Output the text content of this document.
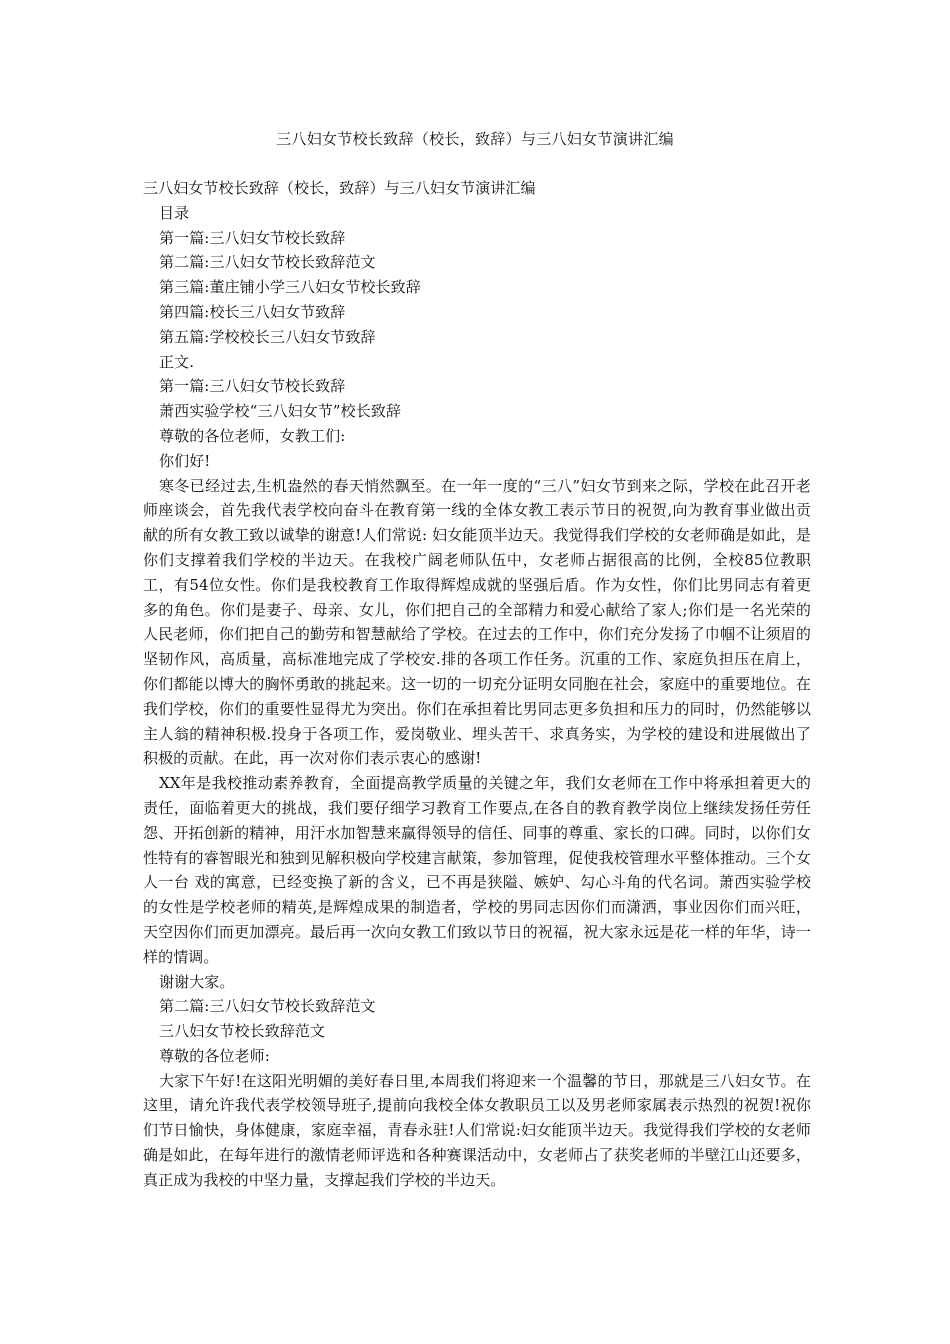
三八妇女节校长致辞（校长，致辞）与三八妇女节演讲汇编

三八妇女节校长致辞（校长，致辞）与三八妇女节演讲汇编

目录

第一篇:三八妇女节校长致辞

第二篇:三八妇女节校长致辞范文

第三篇:董庄铺小学三八妇女节校长致辞

第四篇:校长三八妇女节致辞

第五篇:学校校长三八妇女节致辞

正文.

第一篇:三八妇女节校长致辞

萧西实验学校“三八妇女节”校长致辞

尊敬的各位老师，女教工们:

你们好!

寒冬已经过去,生机盎然的春天悄然飘至。在一年一度的“三八”妇女节到来之际，学校在此召开老师座谈会，首先我代表学校向奋斗在教育第一线的全体女教工表示节日的祝贺,向为教育事业做出贡献的所有女教工致以诚挚的谢意!人们常说: 妇女能顶半边天。我觉得我们学校的女老师确是如此，是你们支撑着我们学校的半边天。在我校广阔老师队伍中，女老师占据很高的比例，全校85位教职工，有54位女性。你们是我校教育工作取得辉煌成就的坚强后盾。作为女性，你们比男同志有着更多的角色。你们是妻子、母亲、女儿，你们把自己的全部精力和爱心献给了家人;你们是一名光荣的人民老师，你们把自己的勤劳和智慧献给了学校。在过去的工作中，你们充分发扬了巾帼不让须眉的坚韧作风，高质量，高标准地完成了学校安.排的各项工作任务。沉重的工作、家庭负担压在肩上，你们都能以博大的胸怀勇敢的挑起来。这一切的一切充分证明女同胞在社会，家庭中的重要地位。在我们学校，你们的重要性显得尤为突出。你们在承担着比男同志更多负担和压力的同时，仍然能够以主人翁的精神积极.投身于各项工作，爱岗敬业、埋头苦干、求真务实，为学校的建设和进展做出了积极的贡献。在此，再一次对你们表示衷心的感谢!

XX年是我校推动素养教育，全面提高教学质量的关键之年，我们女老师在工作中将承担着更大的责任，面临着更大的挑战，我们要仔细学习教育工作要点,在各自的教育教学岗位上继续发扬任劳任怨、开拓创新的精神，用汗水加智慧来赢得领导的信任、同事的尊重、家长的口碑。同时，以你们女性特有的睿智眼光和独到见解积极向学校建言献策，参加管理，促使我校管理水平整体推动。三个女人一台 戏的寓意，已经变换了新的含义，已不再是狭隘、嫉妒、勾心斗角的代名词。萧西实验学校的女性是学校老师的精英,是辉煌成果的制造者，学校的男同志因你们而潇洒，事业因你们而兴旺，天空因你们而更加漂亮。最后再一次向女教工们致以节日的祝福，祝大家永远是花一样的年华，诗一样的情调。

谢谢大家。

第二篇:三八妇女节校长致辞范文

三八妇女节校长致辞范文

尊敬的各位老师:

大家下午好!在这阳光明媚的美好春日里,本周我们将迎来一个温馨的节日，那就是三八妇女节。在这里，请允许我代表学校领导班子,提前向我校全体女教职员工以及男老师家属表示热烈的祝贺!祝你们节日愉快，身体健康，家庭幸福，青春永驻!人们常说:妇女能顶半边天。我觉得我们学校的女老师确是如此，在每年进行的激情老师评选和各种赛课活动中，女老师占了获奖老师的半壁江山还要多，真正成为我校的中坚力量，支撑起我们学校的半边天。
